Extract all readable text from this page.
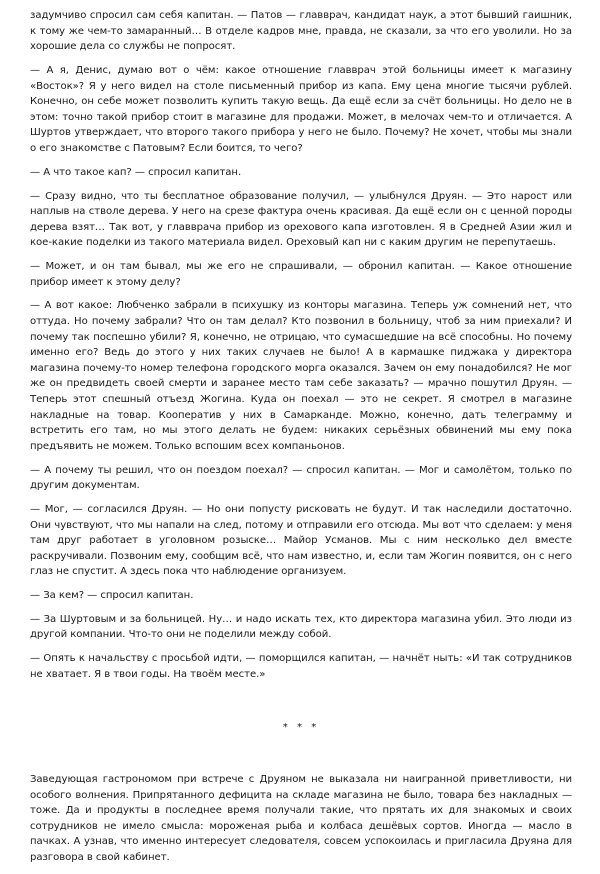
задумчиво спросил сам себя капитан. — Патов — главврач, кандидат наук, а этот бывший гаишник, к тому же чем-то замаранный… В отделе кадров мне, правда, не сказали, за что его уволили. Но за хорошие дела со службы не попросят.

— А я, Денис, думаю вот о чём: какое отношение главврач этой больницы имеет к магазину «Восток»? Я у него видел на столе письменный прибор из капа. Ему цена многие тысячи рублей. Конечно, он себе может позволить купить такую вещь. Да ещё если за счёт больницы. Но дело не в этом: точно такой прибор стоит в магазине для продажи. Может, в мелочах чем-то и отличается. А Шуртов утверждает, что второго такого прибора у него не было. Почему? Не хочет, чтобы мы знали о его знакомстве с Патовым? Если боится, то чего?

— А что такое кап? — спросил капитан.

— Сразу видно, что ты бесплатное образование получил, — улыбнулся Друян. — Это нарост или наплыв на стволе дерева. У него на срезе фактура очень красивая. Да ещё если он с ценной породы дерева взят… Так вот, у главврача прибор из орехового капа изготовлен. Я в Средней Азии жил и кое-какие поделки из такого материала видел. Ореховый кап ни с каким другим не перепутаешь.

— Может, и он там бывал, мы же его не спрашивали, — обронил капитан. — Какое отношение прибор имеет к этому делу?

— А вот какое: Любченко забрали в психушку из конторы магазина. Теперь уж сомнений нет, что оттуда. Но почему забрали? Что он там делал? Кто позвонил в больницу, чтоб за ним приехали? И почему так поспешно убили? Я, конечно, не отрицаю, что сумасшедшие на всё способны. Но почему именно его? Ведь до этого у них таких случаев не было! А в кармашке пиджака у директора магазина почему-то номер телефона городского морга оказался. Зачем он ему понадобился? Не мог же он предвидеть своей смерти и заранее место там себе заказать? — мрачно пошутил Друян. — Теперь этот спешный отъезд Жогина. Куда он поехал — это не секрет. Я смотрел в магазине накладные на товар. Кооператив у них в Самарканде. Можно, конечно, дать телеграмму и встретить его там, но мы этого делать не будем: никаких серьёзных обвинений мы ему пока предъявить не можем. Только вспошим всех компаньонов.

— А почему ты решил, что он поездом поехал? — спросил капитан. — Мог и самолётом, только по другим документам.

— Мог, — согласился Друян. — Но они попусту рисковать не будут. И так наследили достаточно. Они чувствуют, что мы напали на след, потому и отправили его отсюда. Мы вот что сделаем: у меня там друг работает в уголовном розыске… Майор Усманов. Мы с ним несколько дел вместе раскручивали. Позвоним ему, сообщим всё, что нам известно, и, если там Жогин появится, он с него глаз не спустит. А здесь пока что наблюдение организуем.

— За кем? — спросил капитан.

— За Шуртовым и за больницей. Ну… и надо искать тех, кто директора магазина убил. Это люди из другой компании. Что-то они не поделили между собой.

— Опять к начальству с просьбой идти, — поморщился капитан, — начнёт ныть: «И так сотрудников не хватает. Я в твои годы. На твоём месте.»

* * *

Заведующая гастрономом при встрече с Друяном не выказала ни наигранной приветливости, ни особого волнения. Припрятанного дефицита на складе магазина не было, товара без накладных — тоже. Да и продукты в последнее время получали такие, что прятать их для знакомых и своих сотрудников не имело смысла: мороженая рыба и колбаса дешёвых сортов. Иногда — масло в пачках. А узнав, что именно интересует следователя, совсем успокоилась и пригласила Друяна для разговора в свой кабинет.
